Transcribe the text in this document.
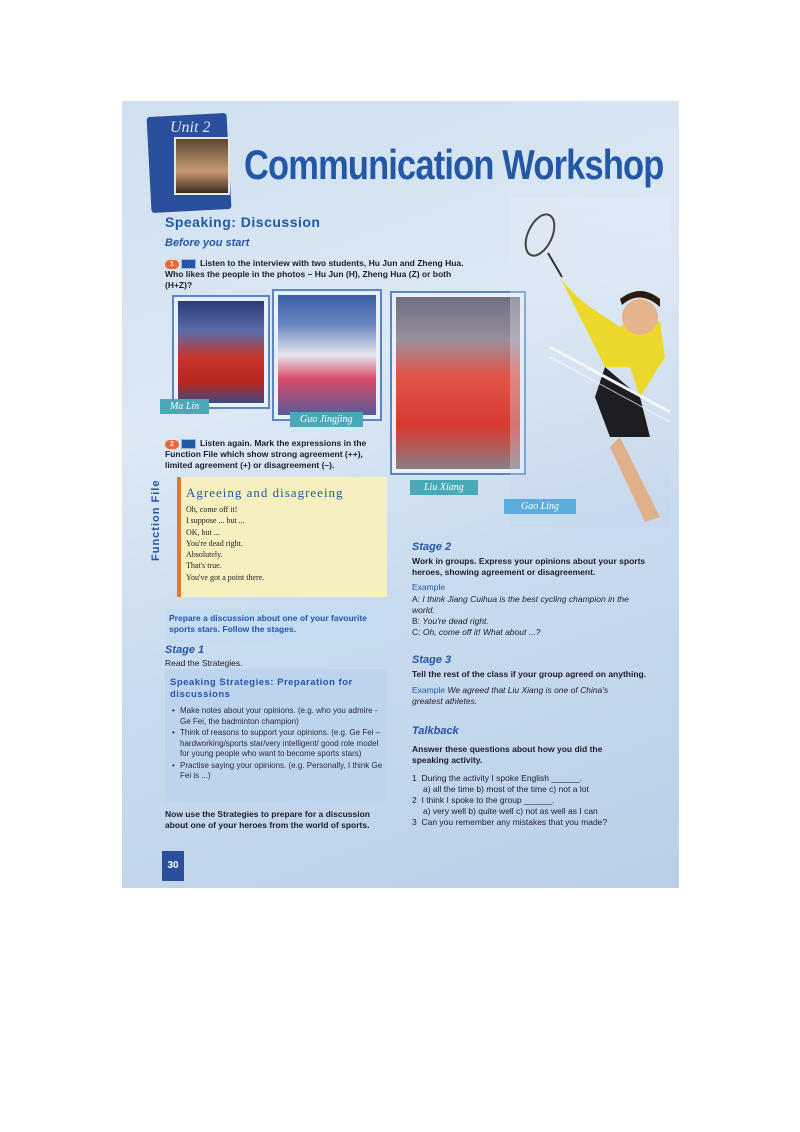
Unit 2
Communication Workshop
Speaking: Discussion
Before you start
1	Listen to the interview with two students, Hu Jun and Zheng Hua. Who likes the people in the photos – Hu Jun (H), Zheng Hua (Z) or both (H+Z)?
Ma Lin
Guo Jingjing
Liu Xiang
Gao Ling
2	Listen again. Mark the expressions in the Function File which show strong agreement (++), limited agreement (+) or disagreement (–).
Function File Agreeing and disagreeing
Oh, come off it!
I suppose ... but ...
OK, but ...
You're dead right.
Absolutely.
That's true.
You've got a point there.
Prepare a discussion about one of your favourite sports stars. Follow the stages.
Stage 1
Read the Strategies.
Speaking Strategies: Preparation for
discussions
• Make notes about your opinions. (e.g. who you admire - Ge Fei, the badminton champion)
• Think of reasons to support your opinions. (e.g. Ge Fei – hardworking/sports star/very intelligent/ good role model for young people who want to become sports stars)
• Practise saying your opinions. (e.g. Personally, I think Ge Fei is ...)
Now use the Strategies to prepare for a discussion about one of your heroes from the world of sports.
30
Stage 2
Work in groups. Express your opinions about your sports heroes, showing agreement or disagreement.
Example
A: I think Jiang Cuihua is the best cycling champion in the world.
B: You're dead right.
C: Oh, come off it! What about ...?
Stage 3
Tell the rest of the class if your group agreed on anything.
Example We agreed that Liu Xiang is one of China's greatest athletes.
Talkback
Answer these questions about how you did the speaking activity.
1 During the activity I spoke English ______.
a) all the time b) most of the time c) not a lot
2 I think I spoke to the group ______.
a) very well b) quite well c) not as well as I can
3 Can you remember any mistakes that you made?
